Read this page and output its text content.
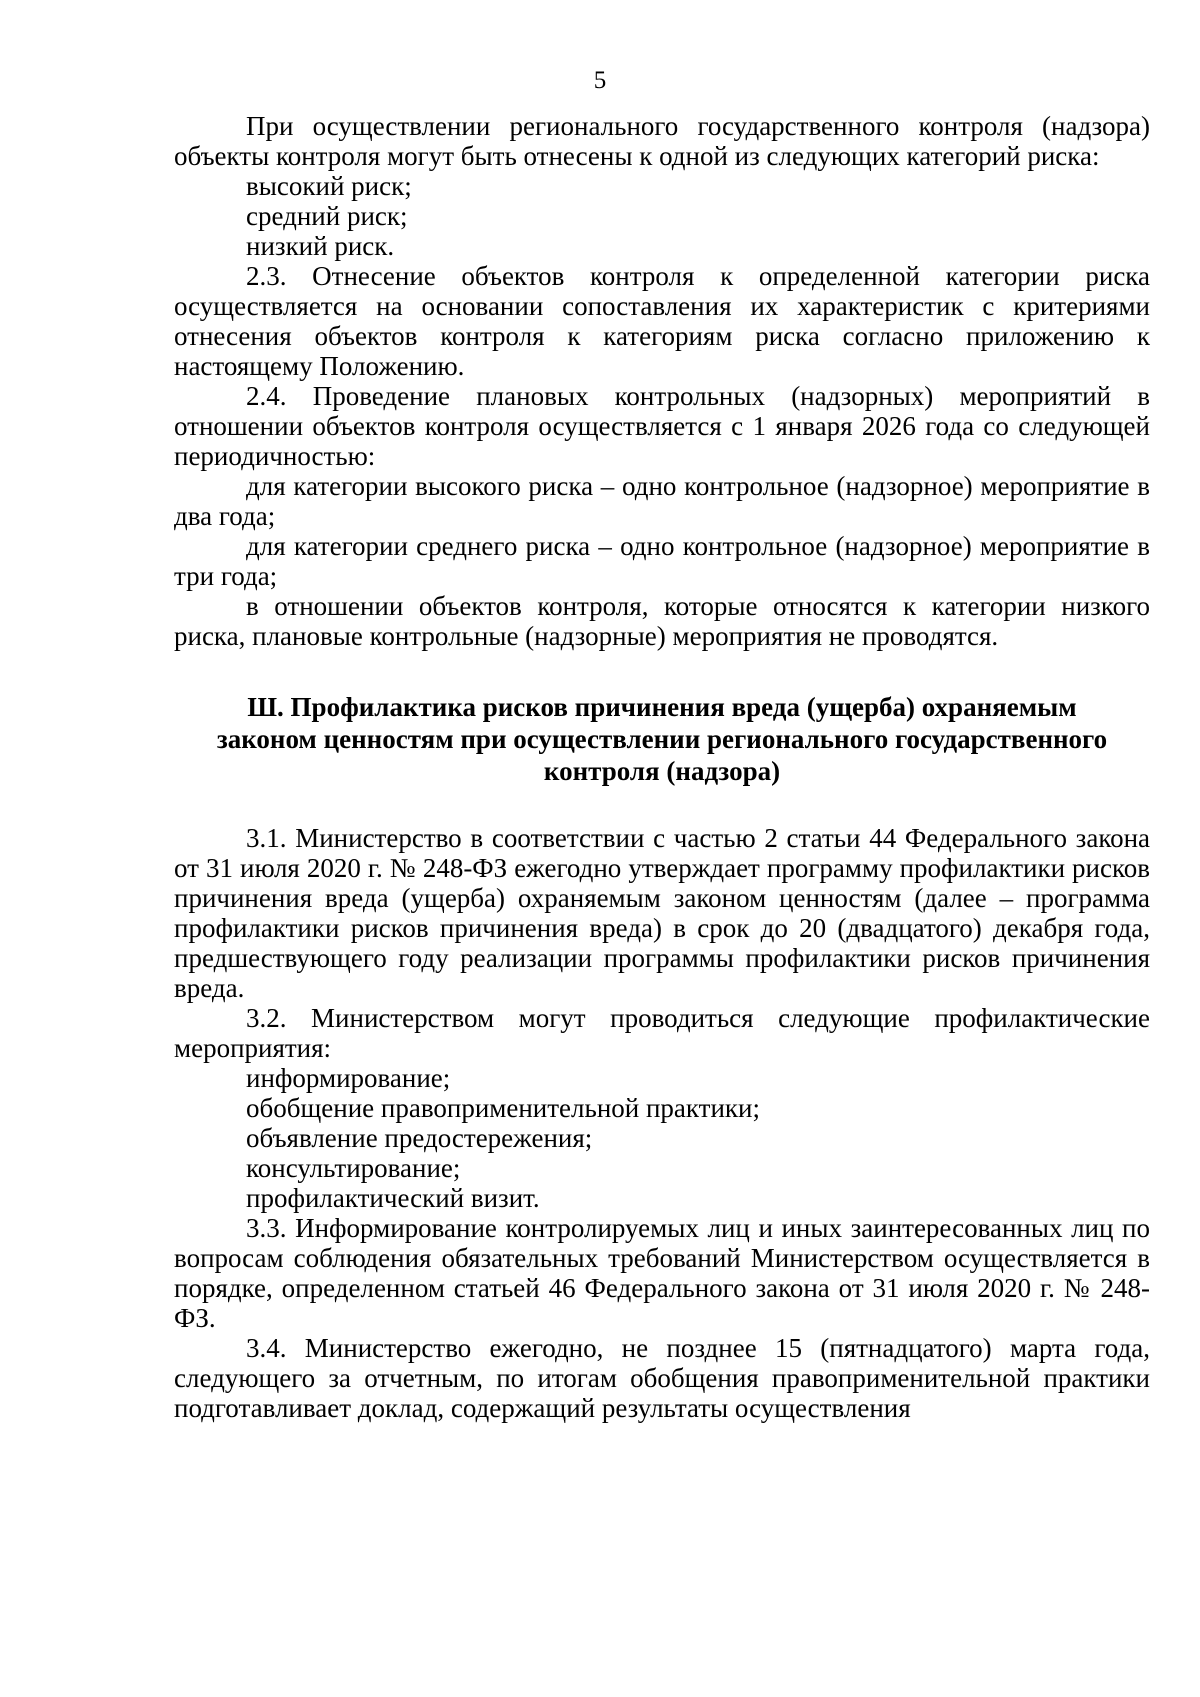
5

При осуществлении регионального государственного контроля (надзора) объекты контроля могут быть отнесены к одной из следующих категорий риска:

высокий риск;

средний риск;

низкий риск.

2.3. Отнесение объектов контроля к определенной категории риска осуществляется на основании сопоставления их характеристик с критериями отнесения объектов контроля к категориям риска согласно приложению к настоящему Положению.

2.4. Проведение плановых контрольных (надзорных) мероприятий в отношении объектов контроля осуществляется с 1 января 2026 года со следующей периодичностью:

для категории высокого риска – одно контрольное (надзорное) мероприятие в два года;

для категории среднего риска – одно контрольное (надзорное) мероприятие в три года;

в отношении объектов контроля, которые относятся к категории низкого риска, плановые контрольные (надзорные) мероприятия не проводятся.

Ш. Профилактика рисков причинения вреда (ущерба) охраняемым
законом ценностям при осуществлении регионального государственного
контроля (надзора)

3.1. Министерство в соответствии с частью 2 статьи 44 Федерального закона от 31 июля 2020 г. № 248-ФЗ ежегодно утверждает программу профилактики рисков причинения вреда (ущерба) охраняемым законом ценностям (далее – программа профилактики рисков причинения вреда) в срок до 20 (двадцатого) декабря года, предшествующего году реализации программы профилактики рисков причинения вреда.

3.2. Министерством могут проводиться следующие профилактические мероприятия:

информирование;

обобщение правоприменительной практики;

объявление предостережения;

консультирование;

профилактический визит.

3.3. Информирование контролируемых лиц и иных заинтересованных лиц по вопросам соблюдения обязательных требований Министерством осуществляется в порядке, определенном статьей 46 Федерального закона от 31 июля 2020 г. № 248-ФЗ.

3.4. Министерство ежегодно, не позднее 15 (пятнадцатого) марта года, следующего за отчетным, по итогам обобщения правоприменительной практики подготавливает доклад, содержащий результаты осуществления
